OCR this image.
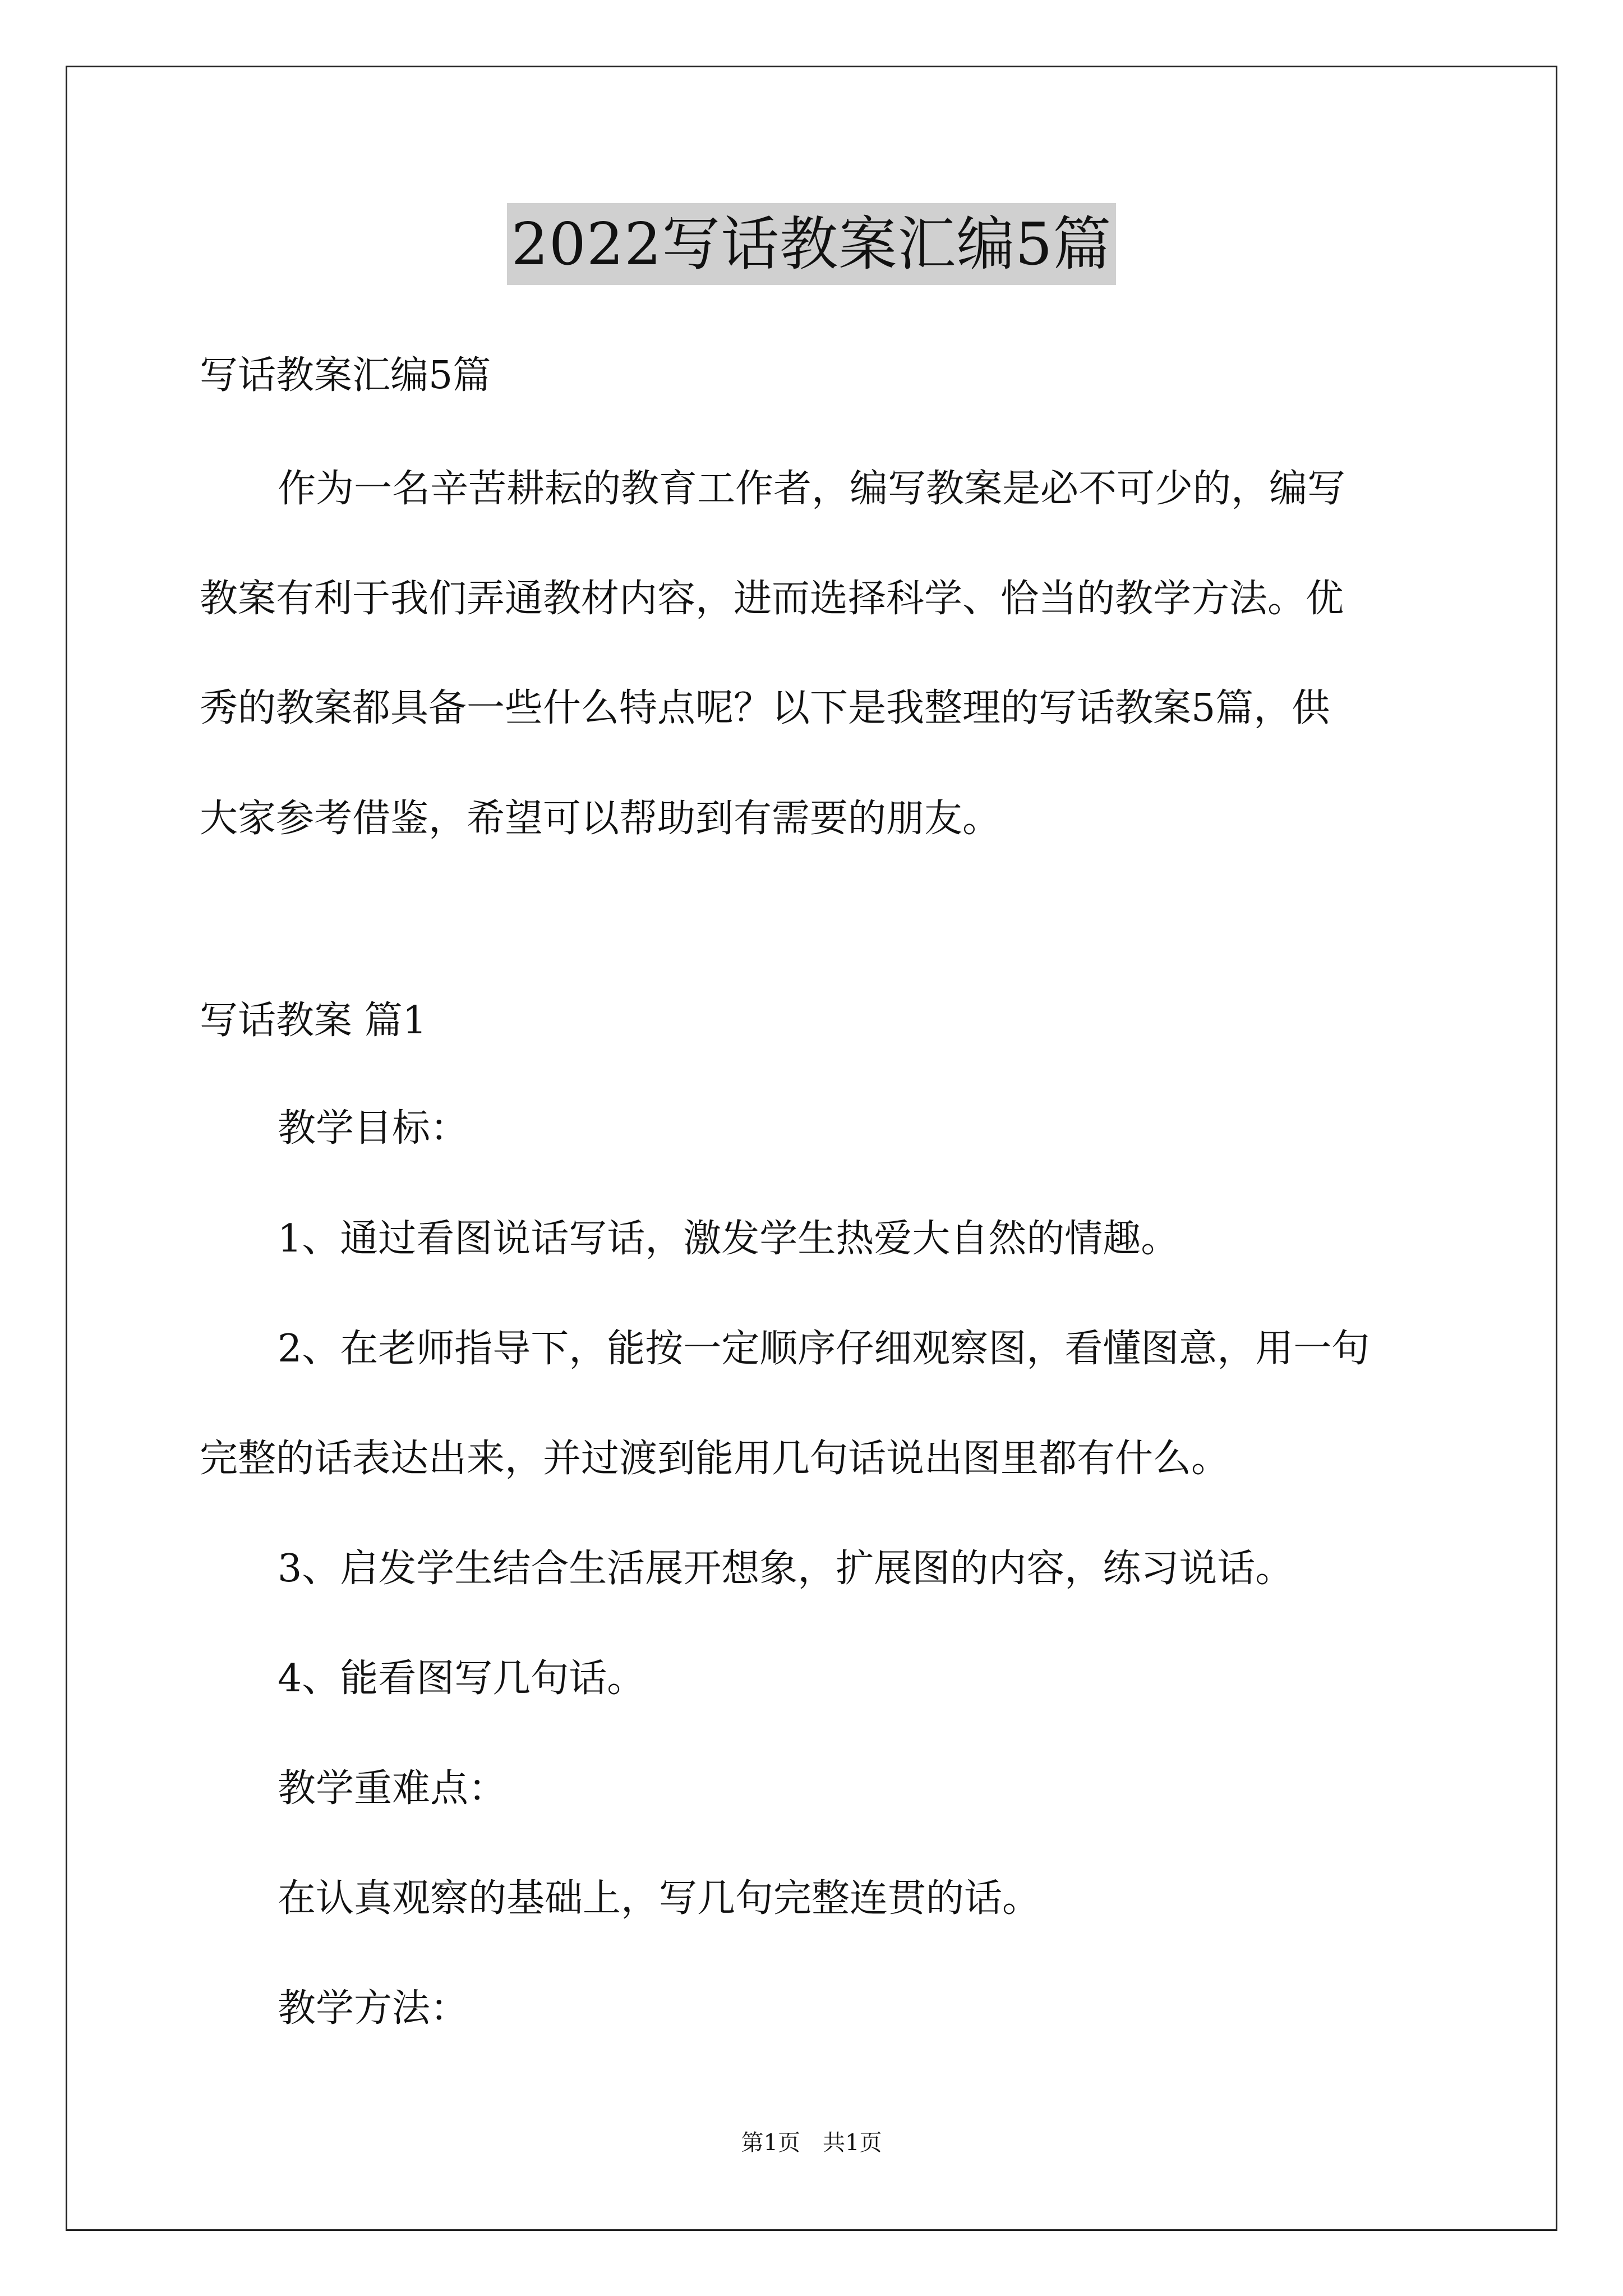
2022写话教案汇编5篇
写话教案汇编5篇
作为一名辛苦耕耘的教育工作者，编写教案是必不可少的，编写
教案有利于我们弄通教材内容，进而选择科学、恰当的教学方法。优
秀的教案都具备一些什么特点呢？以下是我整理的写话教案5篇，供
大家参考借鉴，希望可以帮助到有需要的朋友。
写话教案 篇1
教学目标：
1、通过看图说话写话，激发学生热爱大自然的情趣。
2、在老师指导下，能按一定顺序仔细观察图，看懂图意，用一句
完整的话表达出来，并过渡到能用几句话说出图里都有什么。
3、启发学生结合生活展开想象，扩展图的内容，练习说话。
4、能看图写几句话。
教学重难点：
在认真观察的基础上，写几句完整连贯的话。
教学方法：
第1页　共1页
